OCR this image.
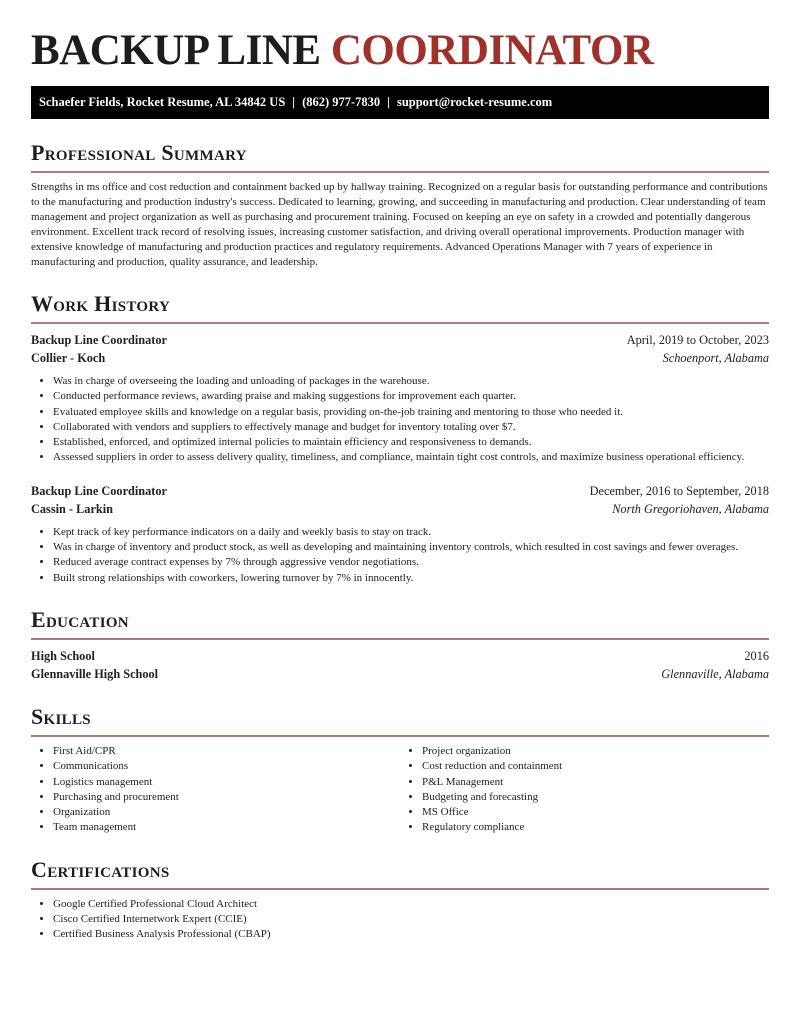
BACKUP LINE COORDINATOR
Schaefer Fields, Rocket Resume, AL 34842 US | (862) 977-7830 | support@rocket-resume.com
Professional Summary

Strengths in ms office and cost reduction and containment backed up by hallway training. Recognized on a regular basis for outstanding performance and contributions to the manufacturing and production industry's success. Dedicated to learning, growing, and succeeding in manufacturing and production. Clear understanding of team management and project organization as well as purchasing and procurement training. Focused on keeping an eye on safety in a crowded and potentially dangerous environment. Excellent track record of resolving issues, increasing customer satisfaction, and driving overall operational improvements. Production manager with extensive knowledge of manufacturing and production practices and regulatory requirements. Advanced Operations Manager with 7 years of experience in manufacturing and production, quality assurance, and leadership.

Work History
Backup Line Coordinator	April, 2019 to October, 2023
Collier - Koch	Schoenport, Alabama
• Was in charge of overseeing the loading and unloading of packages in the warehouse.
• Conducted performance reviews, awarding praise and making suggestions for improvement each quarter.
• Evaluated employee skills and knowledge on a regular basis, providing on-the-job training and mentoring to those who needed it.
• Collaborated with vendors and suppliers to effectively manage and budget for inventory totaling over $7.
• Established, enforced, and optimized internal policies to maintain efficiency and responsiveness to demands.
• Assessed suppliers in order to assess delivery quality, timeliness, and compliance, maintain tight cost controls, and maximize business operational efficiency.
Backup Line Coordinator	December, 2016 to September, 2018
Cassin - Larkin	North Gregoriohaven, Alabama
• Kept track of key performance indicators on a daily and weekly basis to stay on track.
• Was in charge of inventory and product stock, as well as developing and maintaining inventory controls, which resulted in cost savings and fewer overages.
• Reduced average contract expenses by 7% through aggressive vendor negotiations.
• Built strong relationships with coworkers, lowering turnover by 7% in innocently.
Education
High School	2016
Glennaville High School	Glennaville, Alabama
Skills
• First Aid/CPR
• Communications
• Logistics management
• Purchasing and procurement
• Organization
• Team management
• Project organization
• Cost reduction and containment
• P&L Management
• Budgeting and forecasting
• MS Office
• Regulatory compliance
Certifications
• Google Certified Professional Cloud Architect
• Cisco Certified Internetwork Expert (CCIE)
• Certified Business Analysis Professional (CBAP)
